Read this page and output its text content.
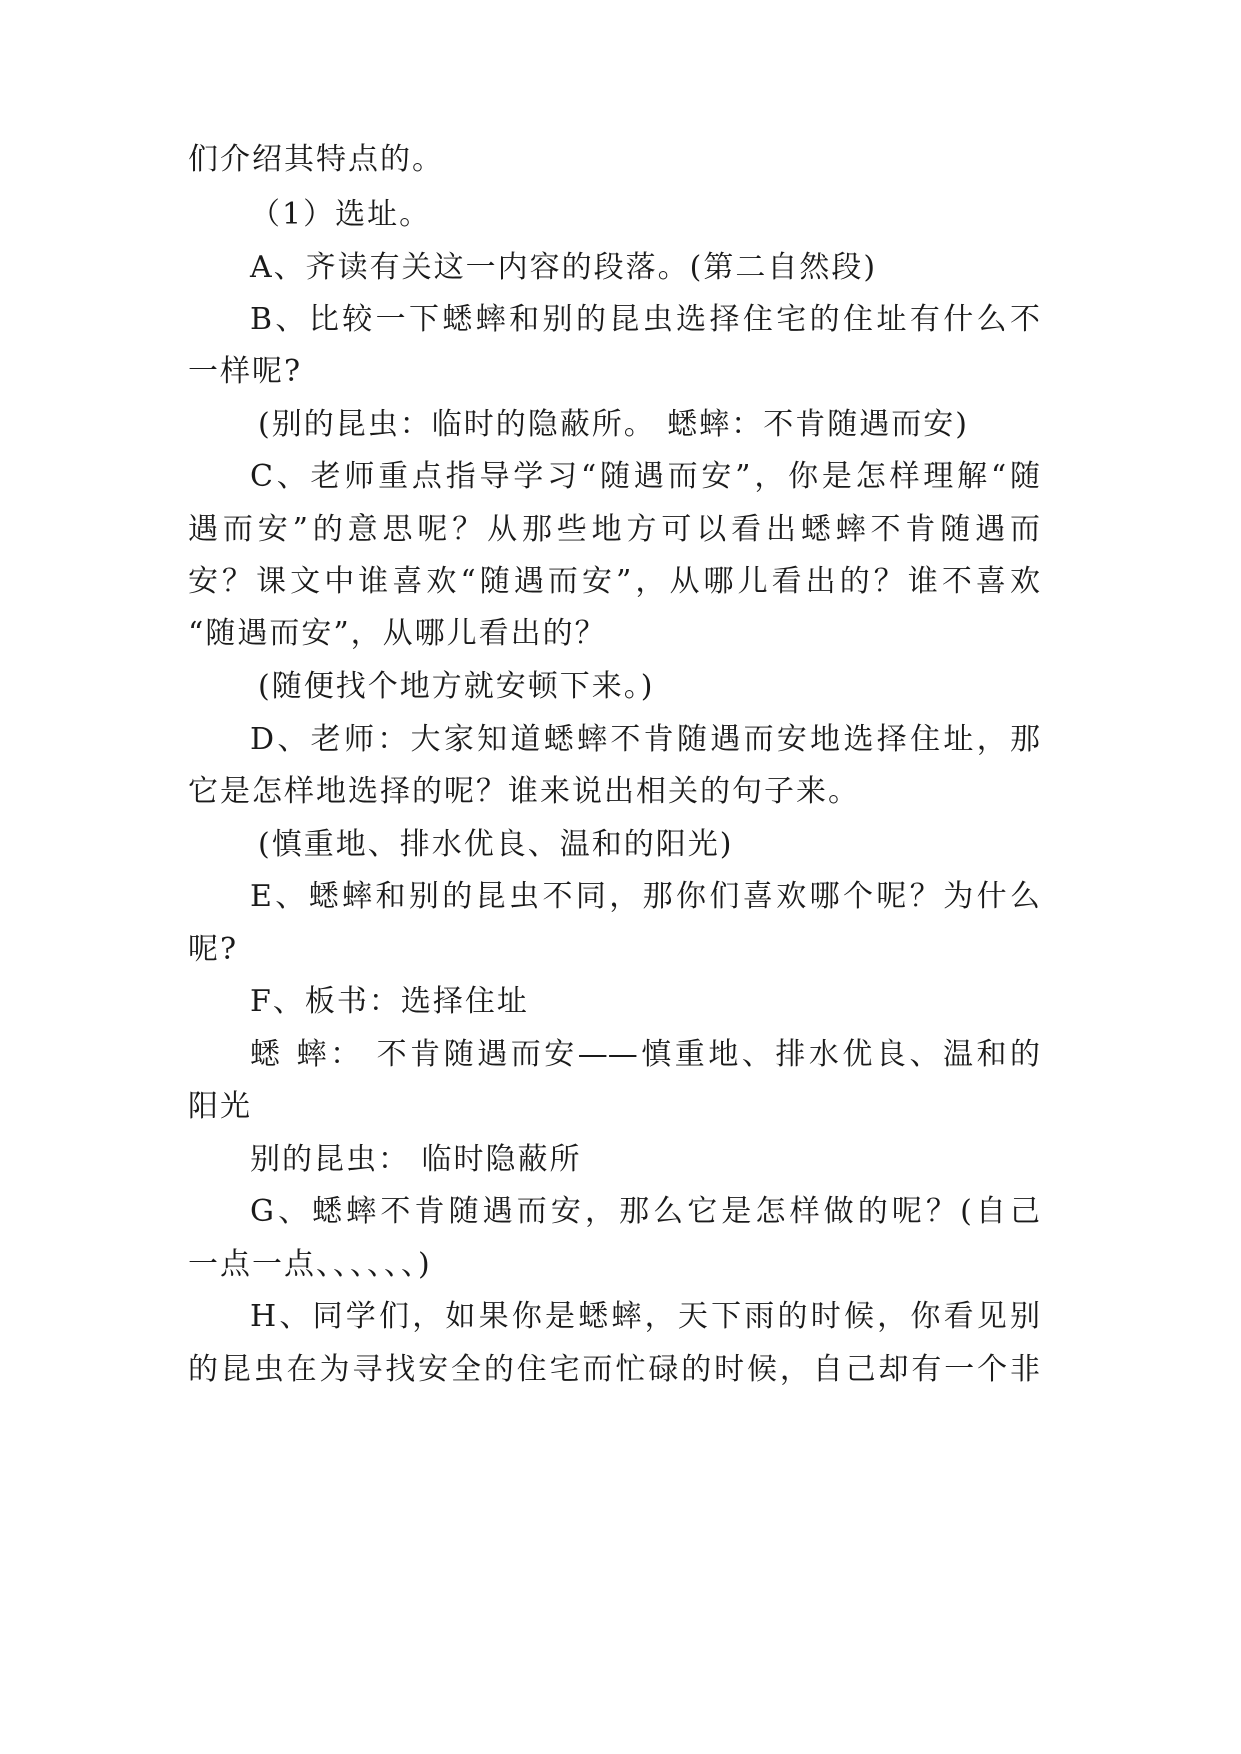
们介绍其特点的。

（1）选址。

A、齐读有关这一内容的段落。(第二自然段)

B、比较一下蟋蟀和别的昆虫选择住宅的住址有什么不

一样呢?

(别的昆虫：临时的隐蔽所。 蟋蟀：不肯随遇而安)

C、老师重点指导学习“随遇而安”，你是怎样理解“随

遇而安”的意思呢？从那些地方可以看出蟋蟀不肯随遇而

安？课文中谁喜欢“随遇而安”，从哪儿看出的？谁不喜欢

“随遇而安”，从哪儿看出的？

(随便找个地方就安顿下来。)

D、老师：大家知道蟋蟀不肯随遇而安地选择住址，那

它是怎样地选择的呢？谁来说出相关的句子来。

(慎重地、排水优良、温和的阳光)

E、蟋蟀和别的昆虫不同，那你们喜欢哪个呢？为什么

呢?

F、板书：选择住址

蟋 蟀： 不肯随遇而安——慎重地、排水优良、温和的

阳光

别的昆虫： 临时隐蔽所

G、蟋蟀不肯随遇而安，那么它是怎样做的呢？(自己

一点一点、、、、、、)

H、同学们，如果你是蟋蟀，天下雨的时候，你看见别

的昆虫在为寻找安全的住宅而忙碌的时候，自己却有一个非
